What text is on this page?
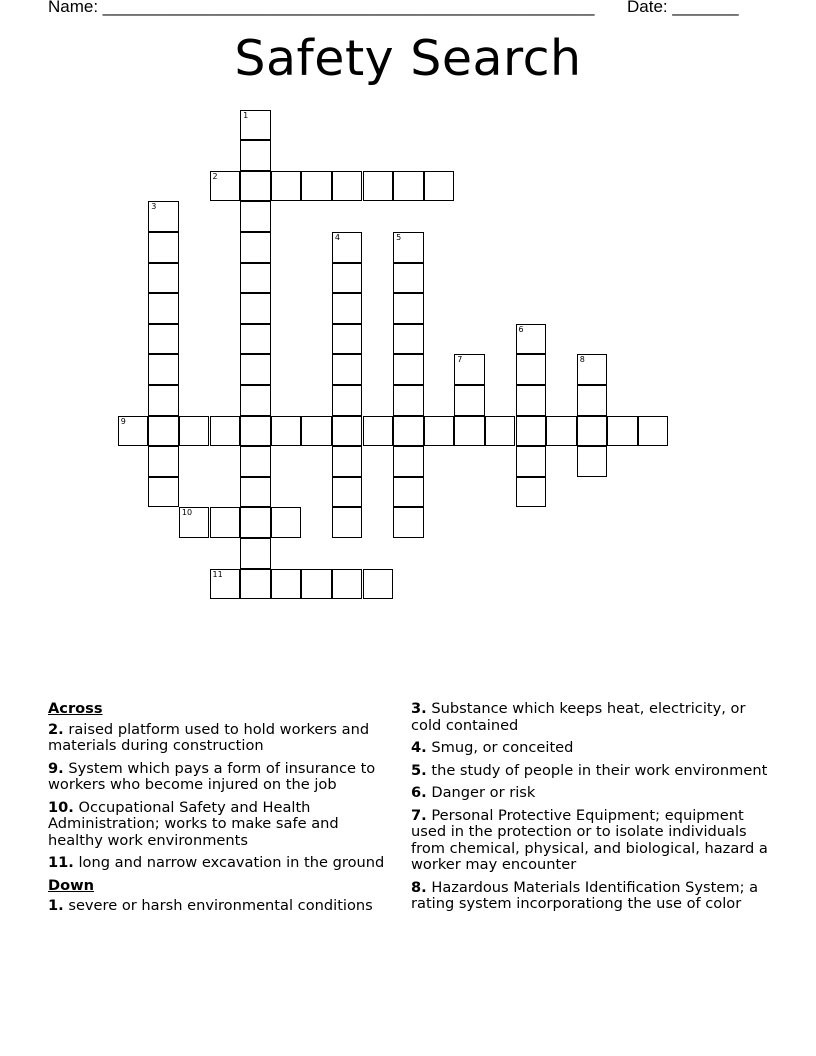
Name: ____________________________________________________ Date: _______
Safety Search
1
2
3
4	5
6
7	8
9
10
11
Across
2. raised platform used to hold workers and materials during construction
9. System which pays a form of insurance to workers who become injured on the job
10. Occupational Safety and Health Administration; works to make safe and healthy work environments
11. long and narrow excavation in the ground
Down
1. severe or harsh environmental conditions
3. Substance which keeps heat, electricity, or cold contained
4. Smug, or conceited
5. the study of people in their work environment
6. Danger or risk
7. Personal Protective Equipment; equipment used in the protection or to isolate individuals from chemical, physical, and biological, hazard a worker may encounter
8. Hazardous Materials Identification System; a rating system incorporationg the use of color
